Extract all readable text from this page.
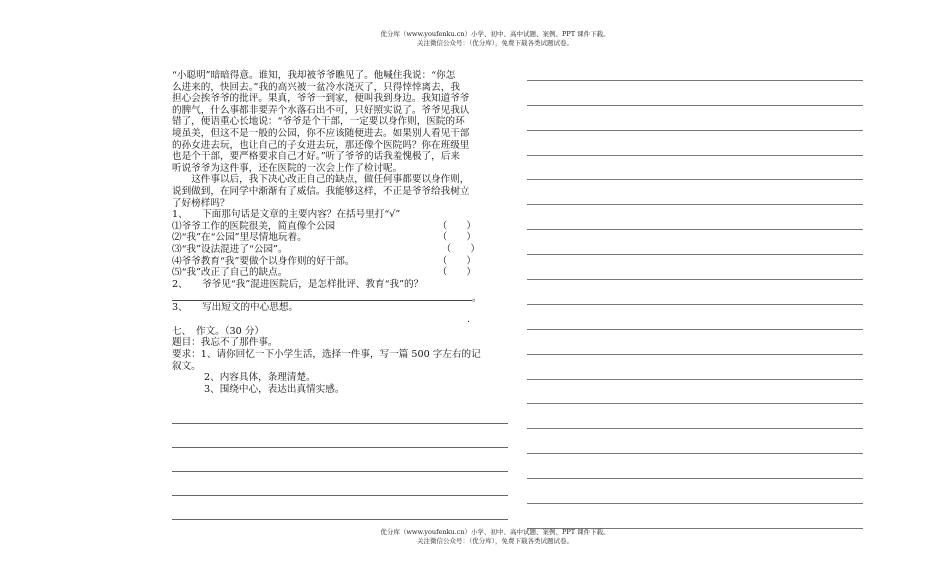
优分库（www.youfenku.cn）小学、初中、高中试题、案例、PPT 课件下载。
关注微信公众号：（优分库），免费下载各类试题试卷。

“小聪明”暗暗得意。谁知，我却被爷爷瞧见了。他喊住我说：“你怎

么进来的，快回去。”我的高兴被一盆冷水浇灭了，只得悻悻离去，我

担心会挨爷爷的批评。果真，爷爷一到家，便叫我到身边。我知道爷爷

的脾气，什么事都非要弄个水落石出不可，只好照实说了。爷爷见我认

错了，便语重心长地说：“爷爷是个干部，一定要以身作则，医院的环

境虽美，但这不是一般的公园，你不应该随便进去。如果别人看见干部

的孙女进去玩，也让自己的子女进去玩，那还像个医院吗？你在班级里

也是个干部，要严格要求自己才好。”听了爷爷的话我羞愧极了，后来

听说爷爷为这件事，还在医院的一次会上作了检讨呢。

这件事以后，我下决心改正自己的缺点，做任何事都要以身作则，

说到做到，在同学中渐渐有了威信。我能够这样，不正是爷爷给我树立

了好榜样吗？

1、　　下面那句话是文章的主要内容？在括号里打“√”

⑴爷爷工作的医院很美，简直像个公园	（　　）
⑵“我”在“公园”里尽情地玩着。	（　　）
⑶“我”设法混进了“公园”。	（　　）
⑷爷爷教育“我”要做个以身作则的好干部。	（　　）
⑸“我”改正了自己的缺点。	（　　）

2、　　爷爷见“我”混进医院后，是怎样批评、教育“我”的？

。

3、　　写出短文的中心思想。

.

七、　作文。（30 分）

题目：我忘不了那件事。

要求：1、请你回忆一下小学生活，选择一件事，写一篇 500 字左右的记

叙文。

2、内容具体，条理清楚。

3、围绕中心，表达出真情实感。

优分库（www.youfenku.cn）小学、初中、高中试题、案例、PPT 课件下载。
关注微信公众号：（优分库），免费下载各类试题试卷。
